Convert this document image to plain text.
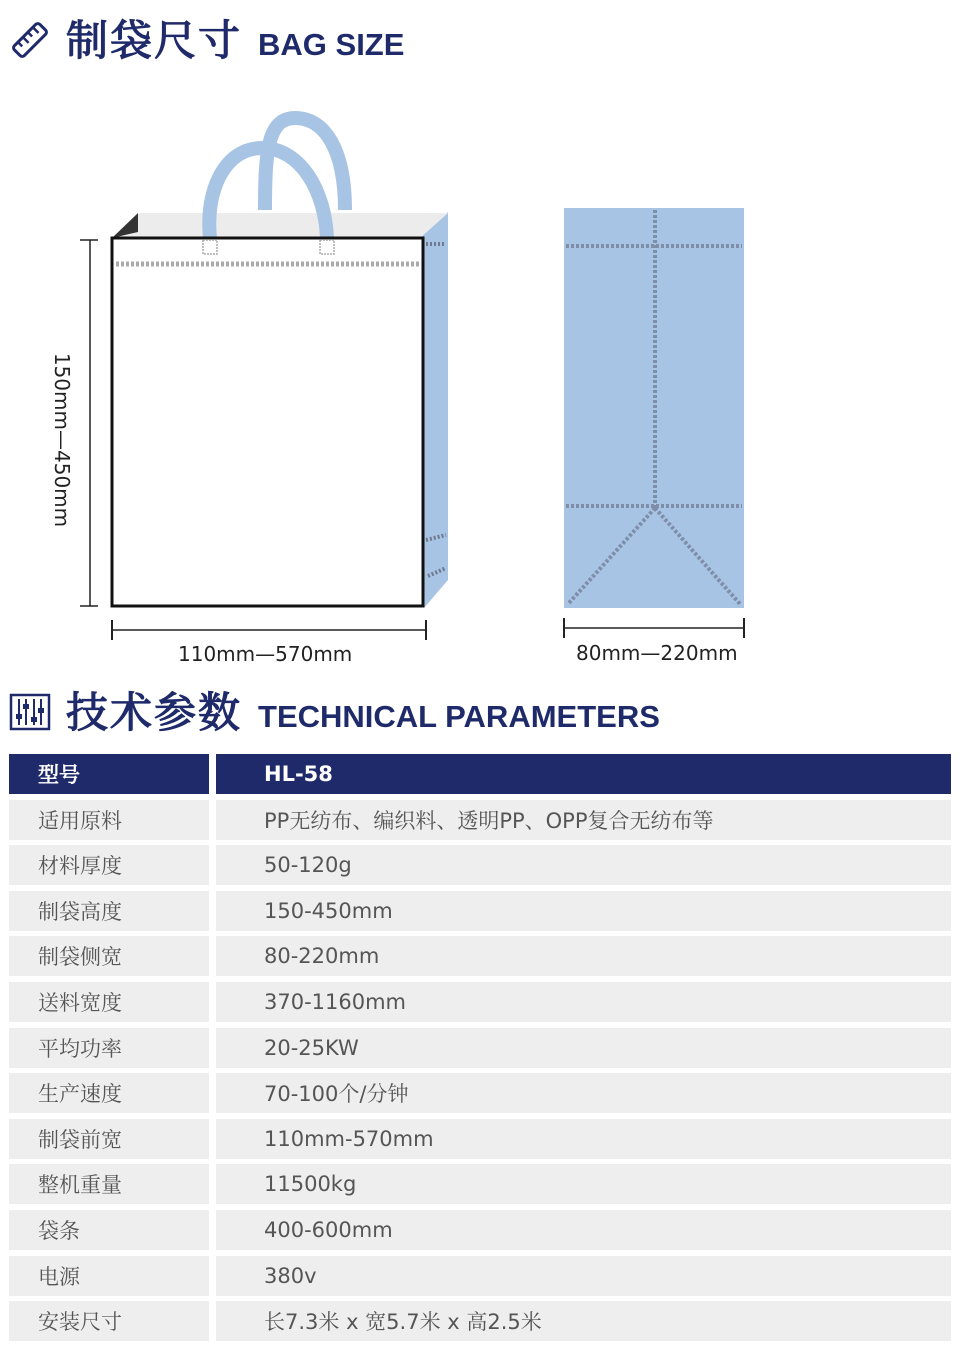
制袋尺寸 BAG SIZE
150mm—450mm
110mm—570mm	80mm—220mm
技术参数 TECHNICAL PARAMETERS
型号	HL-58
适用原料	PP无纺布、编织料、透明PP、OPP复合无纺布等
材料厚度	50-120g
制袋高度	150-450mm
制袋侧宽	80-220mm
送料宽度	370-1160mm
平均功率	20-25KW
生产速度	70-100个/分钟
制袋前宽	110mm-570mm
整机重量	11500kg
袋条	400-600mm
电源	380v
安装尺寸	长7.3米 x 宽5.7米 x 高2.5米
